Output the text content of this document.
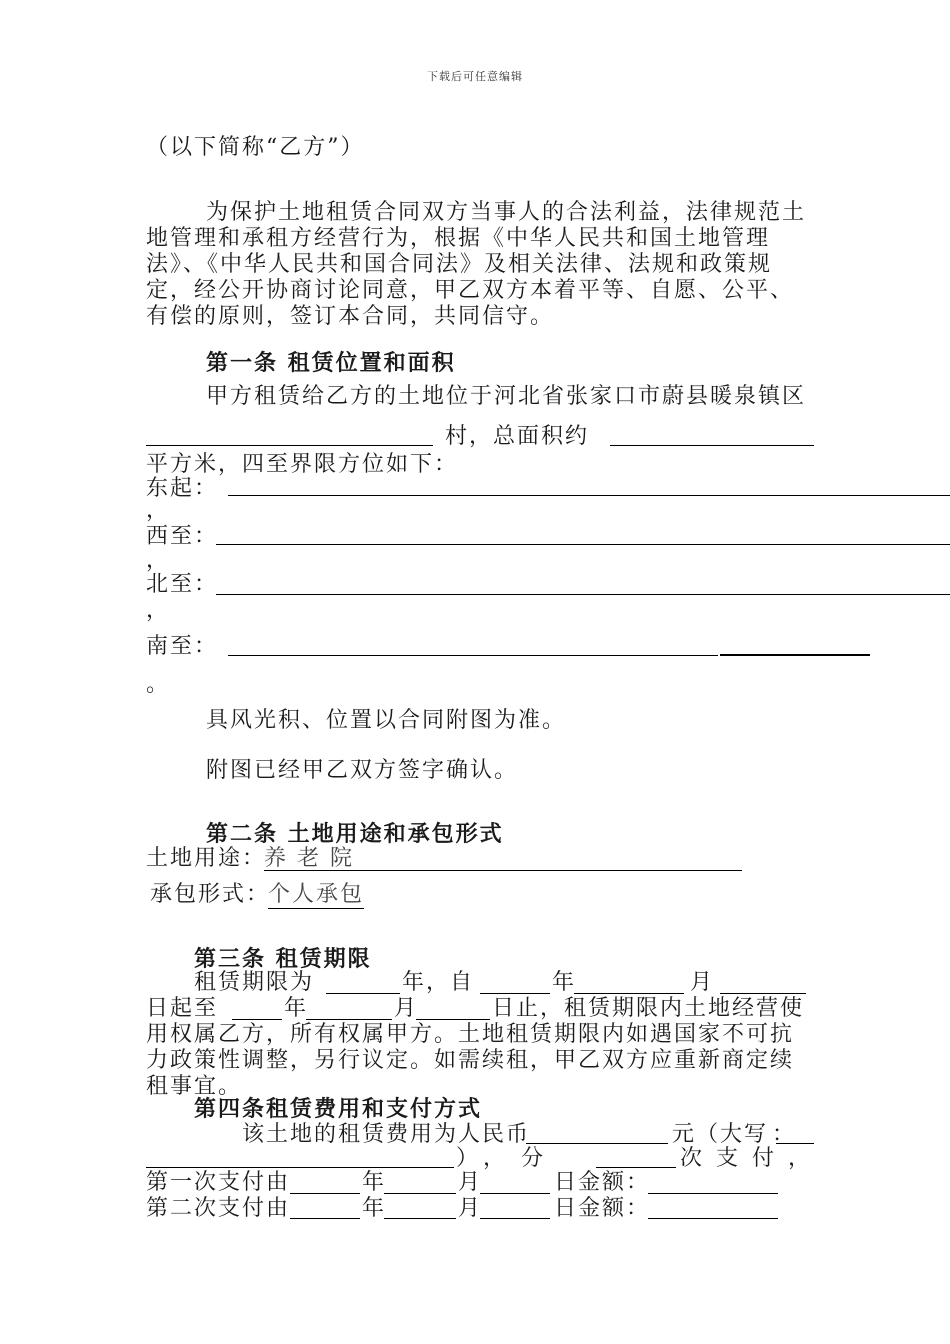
下载后可任意编辑
（以下简称“乙方”）
为保护土地租赁合同双方当事人的合法利益，法律规范土
地管理和承租方经营行为，根据《中华人民共和国土地管理
法》、《中华人民共和国合同法》及相关法律、法规和政策规
定，经公开协商讨论同意，甲乙双方本着平等、自愿、公平、
有偿的原则，签订本合同，共同信守。
第一条 租赁位置和面积
甲方租赁给乙方的土地位于河北省张家口市蔚县暖泉镇区
村，总面积约
平方米，四至界限方位如下：
东起：
，
西至：
，
北至：
，
南至：
。
具风光积、位置以合同附图为准。
附图已经甲乙双方签字确认。
第二条 土地用途和承包形式
土地用途：
养 老 院
承包形式：
个人承包
第三条 租赁期限
租赁期限为	年，自	年	月
日起至	年	月	日止，租赁期限内土地经营使
用权属乙方，所有权属甲方。土地租赁期限内如遇国家不可抗
力政策性调整，另行议定。如需续租，甲乙双方应重新商定续
租事宜。
第四条租赁费用和支付方式
该土地的租赁费用为人民币	元（大写 ：
），分	次支付，
第一次支付由	年	月	日金额：
第二次支付由	年	月	日金额：
